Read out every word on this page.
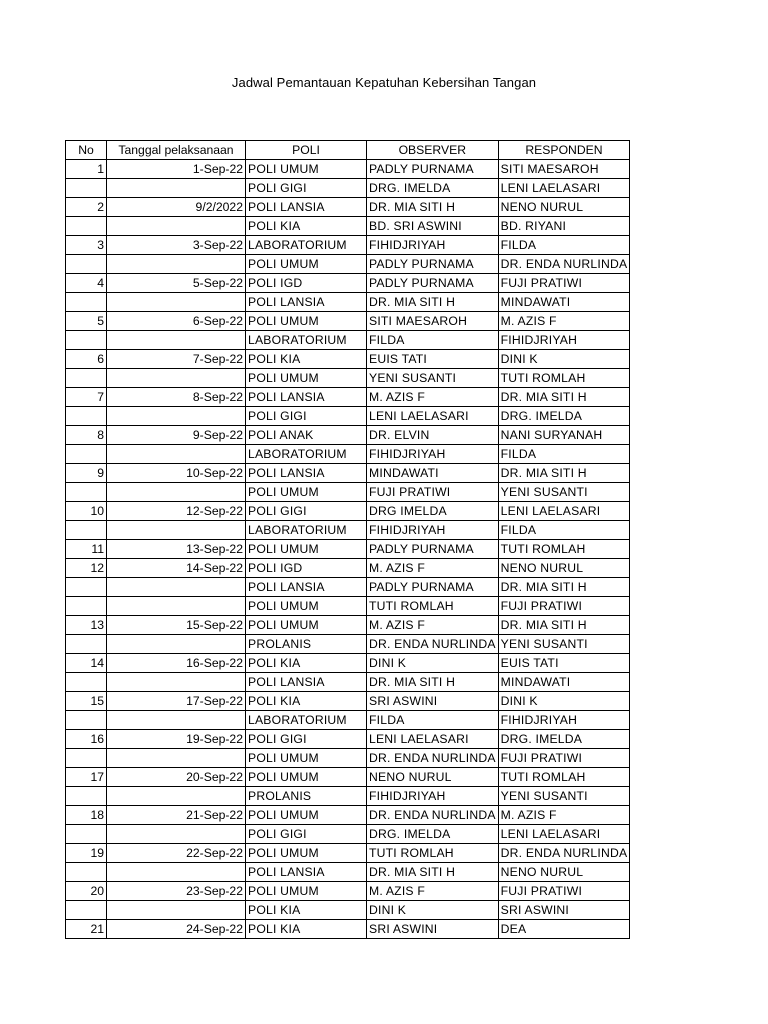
Jadwal Pemantauan Kepatuhan Kebersihan Tangan
No	Tanggal pelaksanaan	POLI	OBSERVER	RESPONDEN
1	1-Sep-22	POLI UMUM	PADLY PURNAMA	SITI MAESAROH
		POLI GIGI	DRG. IMELDA	LENI LAELASARI
2	9/2/2022	POLI LANSIA	DR. MIA SITI H	NENO NURUL
		POLI KIA	BD. SRI ASWINI	BD. RIYANI
3	3-Sep-22	LABORATORIUM	FIHIDJRIYAH	FILDA
		POLI UMUM	PADLY PURNAMA	DR. ENDA NURLINDA
4	5-Sep-22	POLI IGD	PADLY PURNAMA	FUJI PRATIWI
		POLI LANSIA	DR. MIA SITI H	MINDAWATI
5	6-Sep-22	POLI UMUM	SITI MAESAROH	M. AZIS F
		LABORATORIUM	FILDA	FIHIDJRIYAH
6	7-Sep-22	POLI KIA	EUIS TATI	DINI K
		POLI UMUM	YENI SUSANTI	TUTI ROMLAH
7	8-Sep-22	POLI LANSIA	M. AZIS F	DR. MIA SITI H
		POLI GIGI	LENI LAELASARI	DRG. IMELDA
8	9-Sep-22	POLI ANAK	DR. ELVIN	NANI SURYANAH
		LABORATORIUM	FIHIDJRIYAH	FILDA
9	10-Sep-22	POLI LANSIA	MINDAWATI	DR. MIA SITI H
		POLI UMUM	FUJI PRATIWI	YENI SUSANTI
10	12-Sep-22	POLI GIGI	DRG IMELDA	LENI LAELASARI
		LABORATORIUM	FIHIDJRIYAH	FILDA
11	13-Sep-22	POLI UMUM	PADLY PURNAMA	TUTI ROMLAH
12	14-Sep-22	POLI IGD	M. AZIS F	NENO NURUL
		POLI LANSIA	PADLY PURNAMA	DR. MIA SITI H
		POLI UMUM	TUTI ROMLAH	FUJI PRATIWI
13	15-Sep-22	POLI UMUM	M. AZIS F	DR. MIA SITI H
		PROLANIS	DR. ENDA NURLINDA	YENI SUSANTI
14	16-Sep-22	POLI KIA	DINI K	EUIS TATI
		POLI LANSIA	DR. MIA SITI H	MINDAWATI
15	17-Sep-22	POLI KIA	SRI ASWINI	DINI K
		LABORATORIUM	FILDA	FIHIDJRIYAH
16	19-Sep-22	POLI GIGI	LENI LAELASARI	DRG. IMELDA
		POLI UMUM	DR. ENDA NURLINDA	FUJI PRATIWI
17	20-Sep-22	POLI UMUM	NENO NURUL	TUTI ROMLAH
		PROLANIS	FIHIDJRIYAH	YENI SUSANTI
18	21-Sep-22	POLI UMUM	DR. ENDA NURLINDA	M. AZIS F
		POLI GIGI	DRG. IMELDA	LENI LAELASARI
19	22-Sep-22	POLI UMUM	TUTI ROMLAH	DR. ENDA NURLINDA
		POLI LANSIA	DR. MIA SITI H	NENO NURUL
20	23-Sep-22	POLI UMUM	M. AZIS F	FUJI PRATIWI
		POLI KIA	DINI K	SRI ASWINI
21	24-Sep-22	POLI KIA	SRI ASWINI	DEA
